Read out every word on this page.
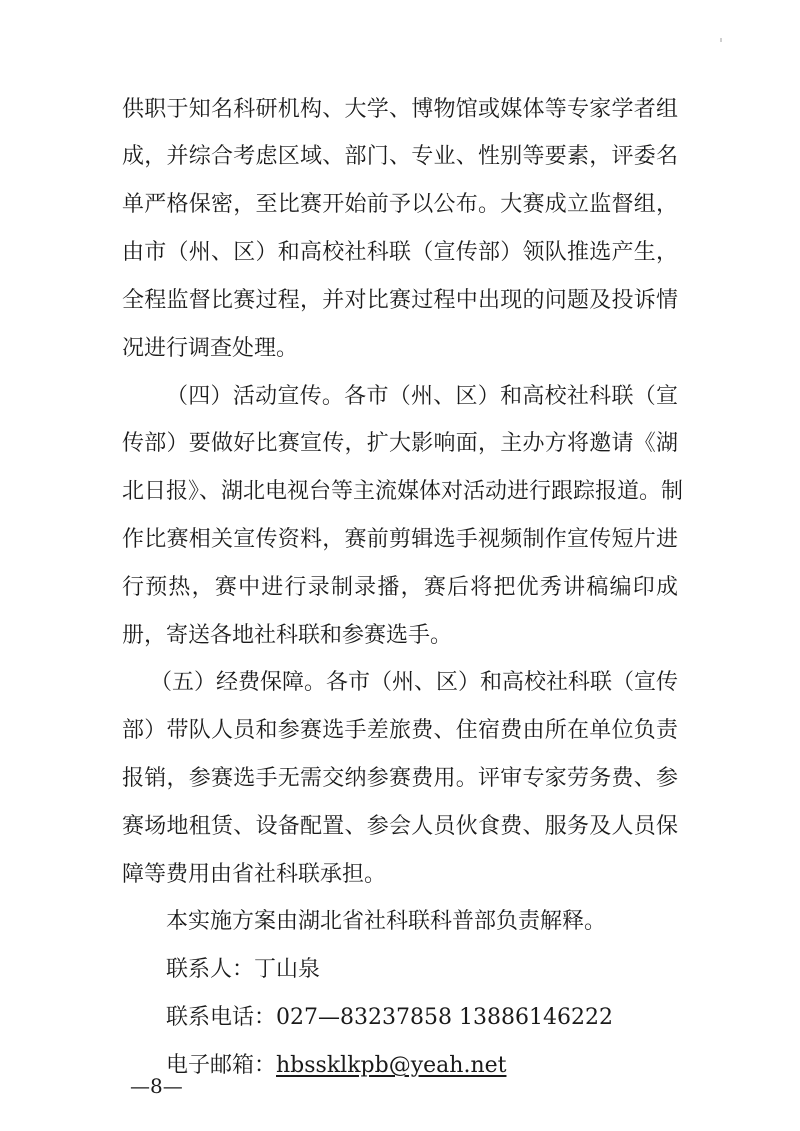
供职于知名科研机构、大学、博物馆或媒体等专家学者组
成，并综合考虑区域、部门、专业、性别等要素，评委名
单严格保密，至比赛开始前予以公布。大赛成立监督组，
由市（州、区）和高校社科联（宣传部）领队推选产生，
全程监督比赛过程，并对比赛过程中出现的问题及投诉情
况进行调查处理。
（四）活动宣传。各市（州、区）和高校社科联（宣
传部）要做好比赛宣传，扩大影响面，主办方将邀请《湖
北日报》、湖北电视台等主流媒体对活动进行跟踪报道。制
作比赛相关宣传资料，赛前剪辑选手视频制作宣传短片进
行预热，赛中进行录制录播，赛后将把优秀讲稿编印成
册，寄送各地社科联和参赛选手。
（五）经费保障。各市（州、区）和高校社科联（宣传
部）带队人员和参赛选手差旅费、住宿费由所在单位负责
报销，参赛选手无需交纳参赛费用。评审专家劳务费、参
赛场地租赁、设备配置、参会人员伙食费、服务及人员保
障等费用由省社科联承担。
本实施方案由湖北省社科联科普部负责解释。
联系人：丁山泉
联系电话：027—83237858 13886146222
电子邮箱：hbssklkpb@yeah.net
—8—
